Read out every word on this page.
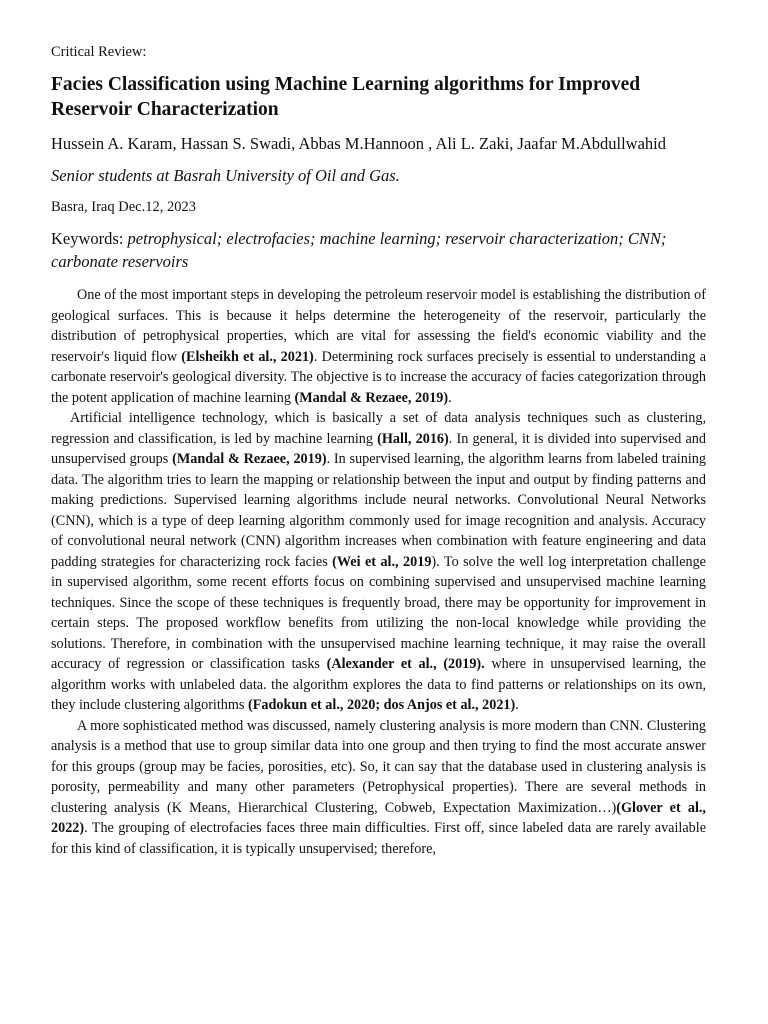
Critical Review:

Facies Classification using Machine Learning algorithms for Improved Reservoir Characterization

Hussein A. Karam, Hassan S. Swadi, Abbas M.Hannoon , Ali L. Zaki, Jaafar M.Abdullwahid

Senior students at Basrah University of Oil and Gas.

Basra, Iraq Dec.12, 2023

Keywords: petrophysical; electrofacies; machine learning; reservoir characterization; CNN; carbonate reservoirs

One of the most important steps in developing the petroleum reservoir model is establishing the distribution of geological surfaces. This is because it helps determine the heterogeneity of the reservoir, particularly the distribution of petrophysical properties, which are vital for assessing the field's economic viability and the reservoir's liquid flow (Elsheikh et al., 2021). Determining rock surfaces precisely is essential to understanding a carbonate reservoir's geological diversity. The objective is to increase the accuracy of facies categorization through the potent application of machine learning (Mandal & Rezaee, 2019).

Artificial intelligence technology, which is basically a set of data analysis techniques such as clustering, regression and classification, is led by machine learning (Hall, 2016). In general, it is divided into supervised and unsupervised groups (Mandal & Rezaee, 2019). In supervised learning, the algorithm learns from labeled training data. The algorithm tries to learn the mapping or relationship between the input and output by finding patterns and making predictions. Supervised learning algorithms include neural networks. Convolutional Neural Networks (CNN), which is a type of deep learning algorithm commonly used for image recognition and analysis. Accuracy of convolutional neural network (CNN) algorithm increases when combination with feature engineering and data padding strategies for characterizing rock facies (Wei et al., 2019). To solve the well log interpretation challenge in supervised algorithm, some recent efforts focus on combining supervised and unsupervised machine learning techniques. Since the scope of these techniques is frequently broad, there may be opportunity for improvement in certain steps. The proposed workflow benefits from utilizing the non-local knowledge while providing the solutions. Therefore, in combination with the unsupervised machine learning technique, it may raise the overall accuracy of regression or classification tasks (Alexander et al., (2019). where in unsupervised learning, the algorithm works with unlabeled data. the algorithm explores the data to find patterns or relationships on its own, they include clustering algorithms (Fadokun et al., 2020; dos Anjos et al., 2021).

A more sophisticated method was discussed, namely clustering analysis is more modern than CNN. Clustering analysis is a method that use to group similar data into one group and then trying to find the most accurate answer for this groups (group may be facies, porosities, etc). So, it can say that the database used in clustering analysis is porosity, permeability and many other parameters (Petrophysical properties). There are several methods in clustering analysis (K Means, Hierarchical Clustering, Cobweb, Expectation Maximization…)(Glover et al., 2022). The grouping of electrofacies faces three main difficulties. First off, since labeled data are rarely available for this kind of classification, it is typically unsupervised; therefore,
